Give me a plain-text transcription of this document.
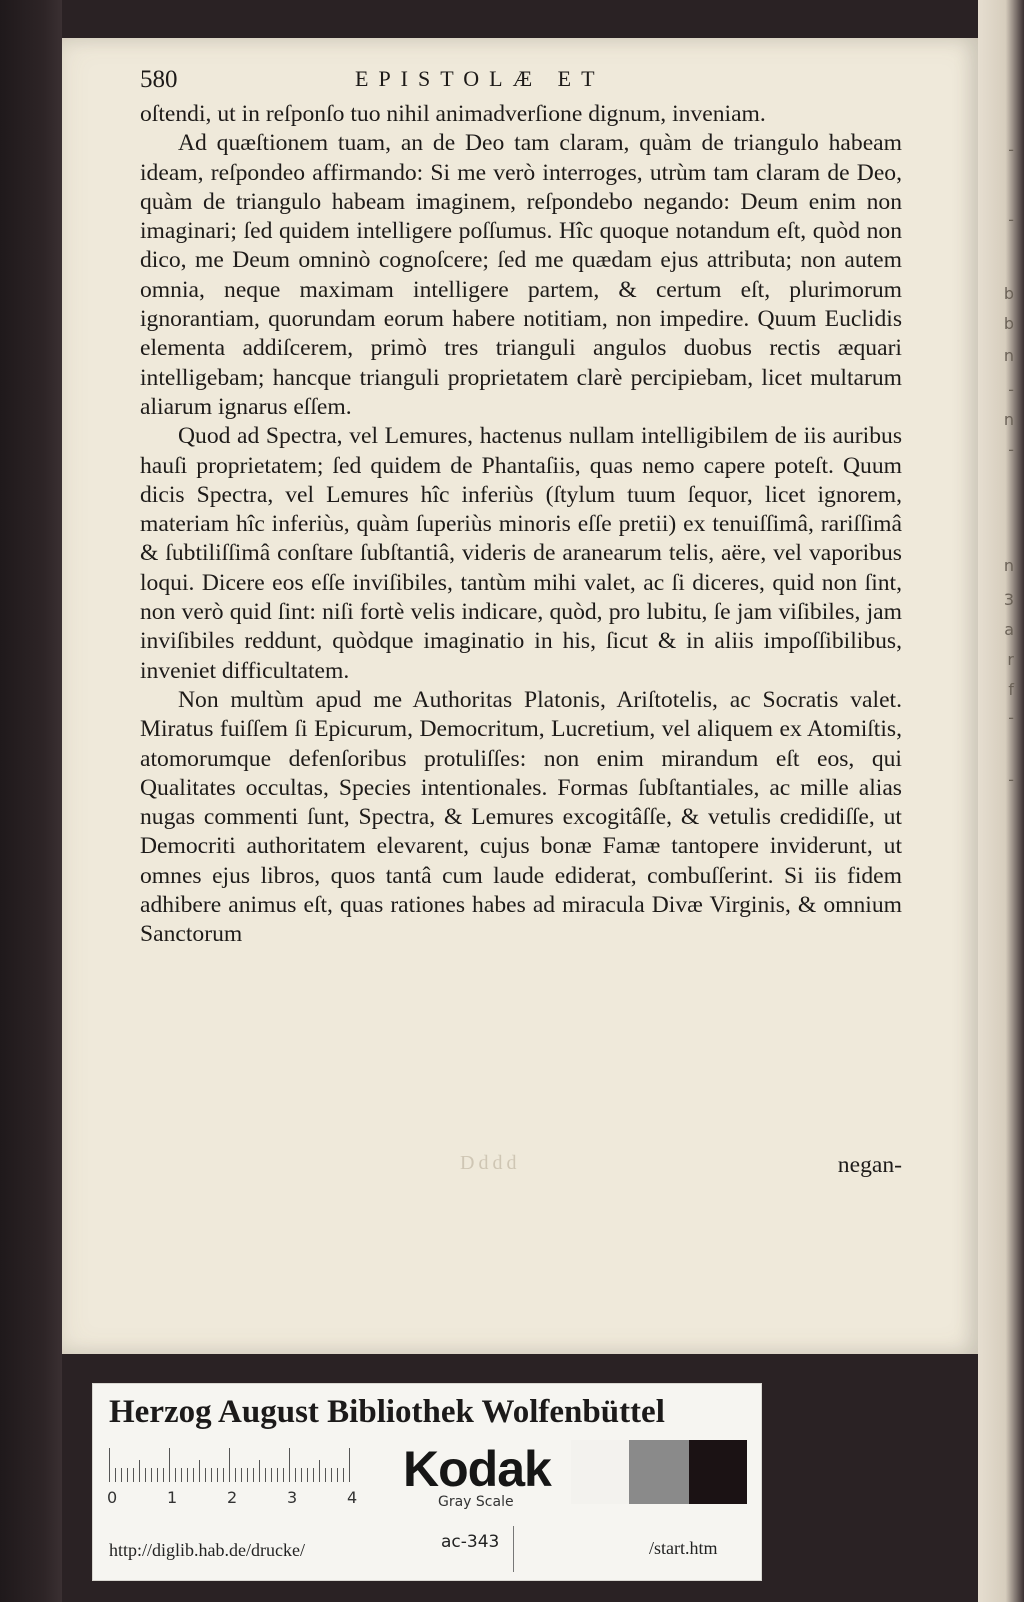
-
-
b
b
n
-
n
-
n
3
a
r
-
f
-
580	EPISTOLÆ ET

oſtendi, ut in reſponſo tuo nihil animadverſione dignum, inveniam.

Ad quæſtionem tuam, an de Deo tam claram, quàm de triangulo habeam ideam, reſpondeo affirmando: Si me verò interroges, utrùm tam claram de Deo, quàm de triangulo habeam imaginem, reſpondebo negando: Deum enim non imaginari; ſed quidem intelligere poſſumus. Hîc quoque notandum eſt, quòd non dico, me Deum omninò cognoſcere; ſed me quædam ejus attributa; non autem omnia, neque maximam intelligere partem, & certum eſt, plurimorum ignorantiam, quorundam eorum habere notitiam, non impedire. Quum Euclidis elementa addiſcerem, primò tres trianguli angulos duobus rectis æquari intelligebam; hancque trianguli proprietatem clarè percipiebam, licet multarum aliarum ignarus eſſem.

Quod ad Spectra, vel Lemures, hactenus nullam intelligibilem de iis auribus hauſi proprietatem; ſed quidem de Phantaſiis, quas nemo capere poteſt. Quum dicis Spectra, vel Lemures hîc inferiùs (ſtylum tuum ſequor, licet ignorem, materiam hîc inferiùs, quàm ſuperiùs minoris eſſe pretii) ex tenuiſſimâ, rariſſimâ & ſubtiliſſimâ conſtare ſubſtantiâ, videris de aranearum telis, aëre, vel vaporibus loqui. Dicere eos eſſe inviſibiles, tantùm mihi valet, ac ſi diceres, quid non ſint, non verò quid ſint: niſi fortè velis indicare, quòd, pro lubitu, ſe jam viſibiles, jam inviſibiles reddunt, quòdque imaginatio in his, ſicut & in aliis impoſſibilibus, inveniet difficultatem.

Non multùm apud me Authoritas Platonis, Ariſtotelis, ac Socratis valet. Miratus fuiſſem ſi Epicurum, Democritum, Lucretium, vel aliquem ex Atomiſtis, atomorumque defenſoribus protuliſſes: non enim mirandum eſt eos, qui Qualitates occultas, Species intentionales. Formas ſubſtantiales, ac mille alias nugas commenti ſunt, Spectra, & Lemures excogitâſſe, & vetulis credidiſſe, ut Democriti authoritatem elevarent, cujus bonæ Famæ tantopere inviderunt, ut omnes ejus libros, quos tantâ cum laude ediderat, combuſſerint. Si iis fidem adhibere animus eſt, quas rationes habes ad miracula Divæ Virginis, & omnium Sanctorum

Dddd	negan-
Herzog August Bibliothek Wolfenbüttel
0	1	2	3	4
Kodak
Gray Scale
http://diglib.hab.de/drucke/	ac-343	/start.htm
